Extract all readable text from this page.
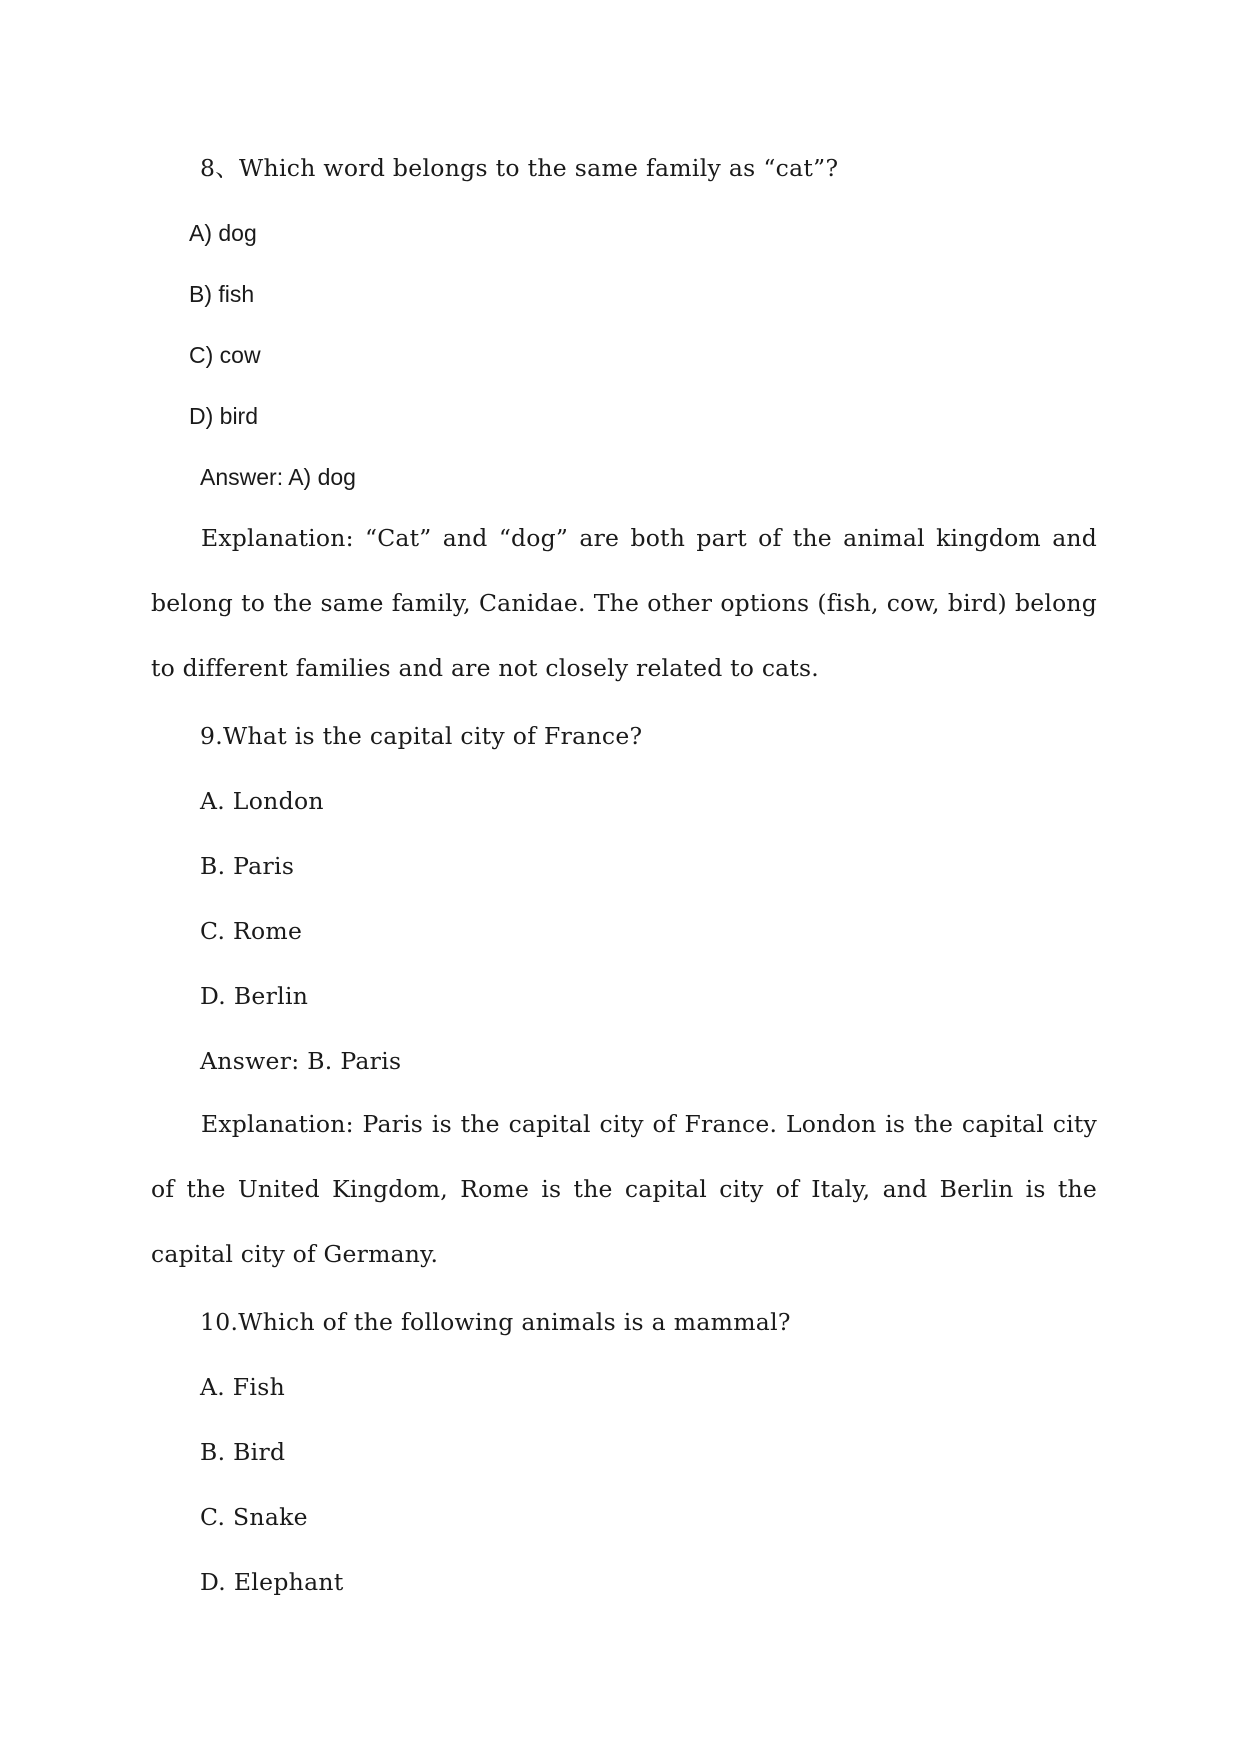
8、Which word belongs to the same family as “cat”?
A) dog
B) fish
C) cow
D) bird
Answer: A) dog
Explanation: “Cat” and “dog” are both part of the animal kingdom and belong to the same family, Canidae. The other options (fish, cow, bird) belong to different families and are not closely related to cats.
9.What is the capital city of France?
A. London
B. Paris
C. Rome
D. Berlin
Answer: B. Paris
Explanation: Paris is the capital city of France. London is the capital city of the United Kingdom, Rome is the capital city of Italy, and Berlin is the capital city of Germany.
10.Which of the following animals is a mammal?
A. Fish
B. Bird
C. Snake
D. Elephant
